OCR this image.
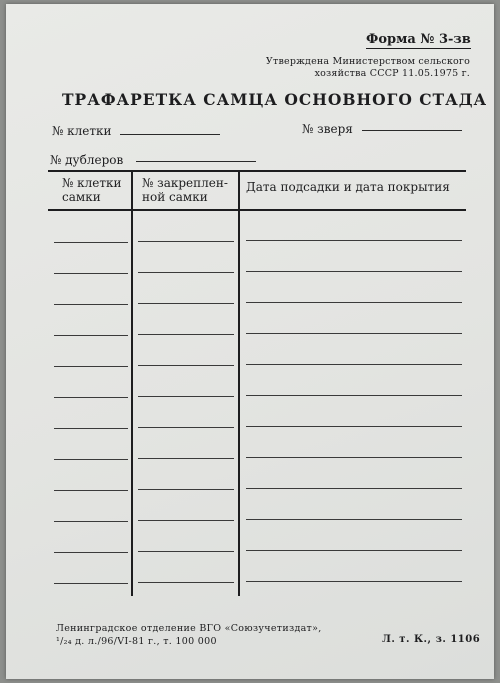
Форма № 3-зв
Утверждена Министерством сельского
хозяйства СССР 11.05.1975 г.
ТРАФАРЕТКА САМЦА ОСНОВНОГО СТАДА
№ клетки	№ зверя
№ дублеров
№ клетки
самки
№ закреплен-
ной самки
Дата подсадки и дата покрытия
Ленинградское отделение ВГО «Союзучетиздат»,
¹/₂₄ д. л./96/VI-81 г., т. 100 000	Л. т. К., з. 1106
